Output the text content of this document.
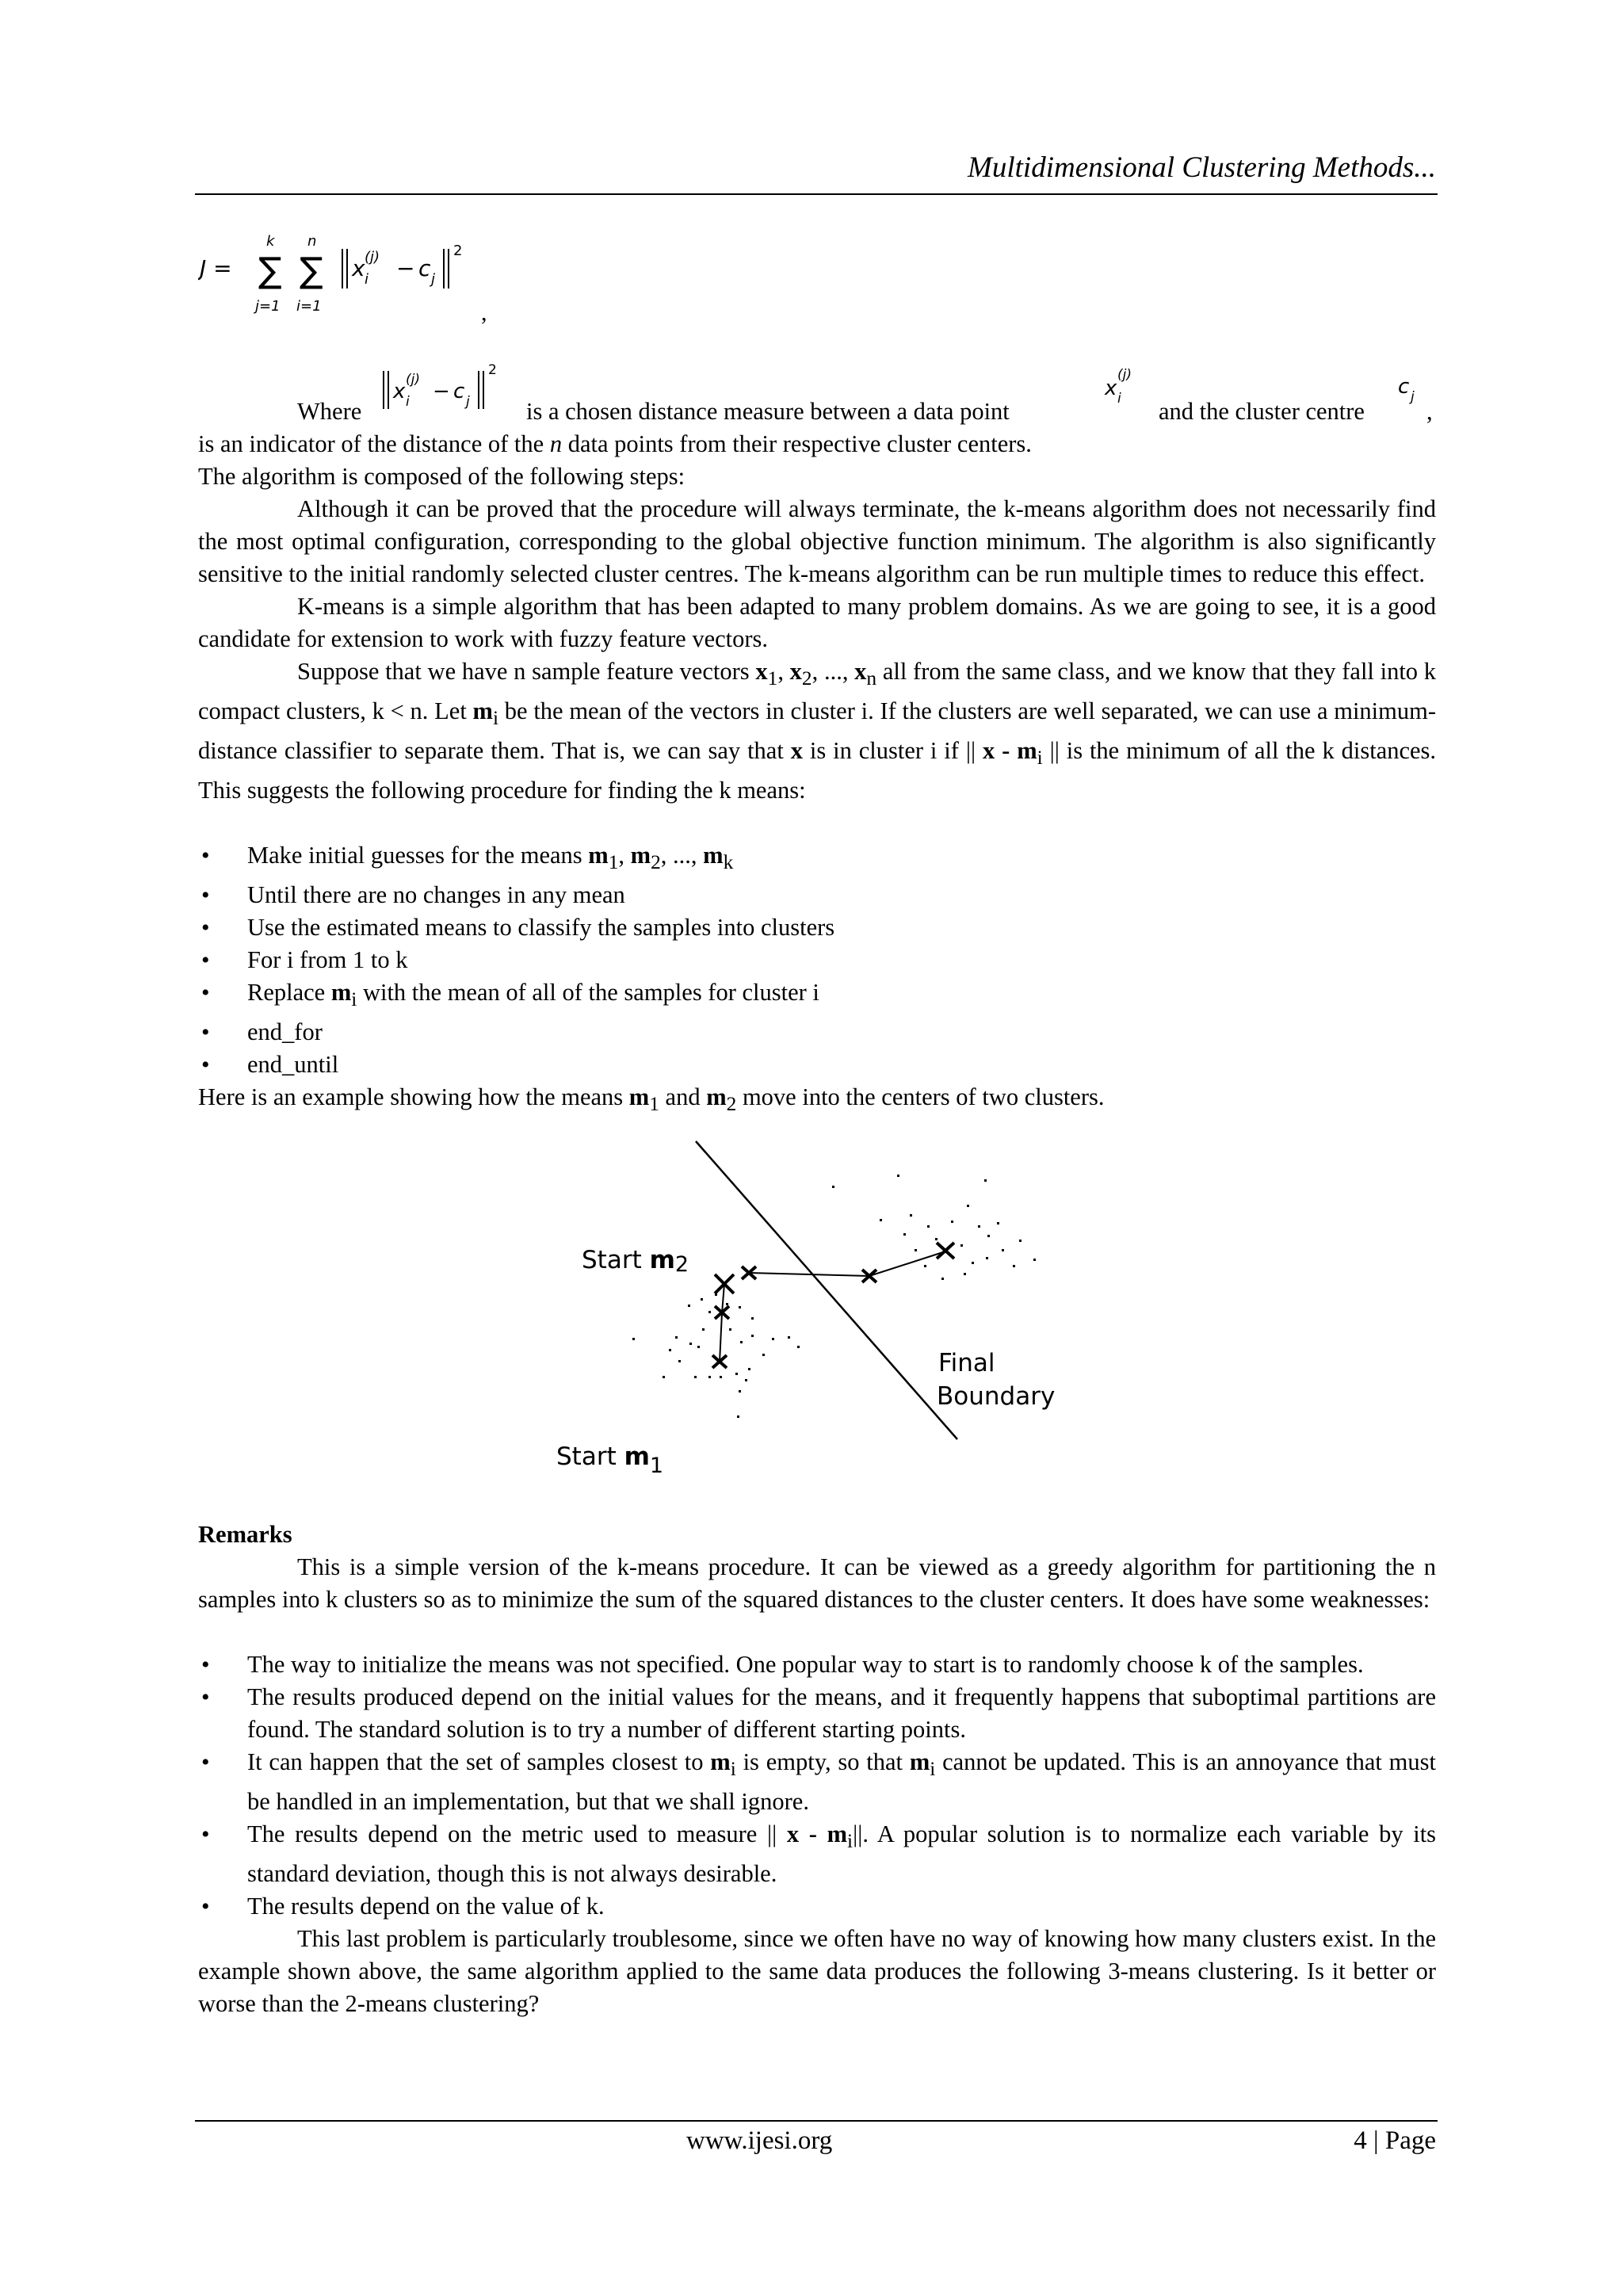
Multidimensional Clustering Methods...
J =
k
∑
j=1
n
∑
i=1
x (j)
i − c j
2
,
Where
x (j)
i − c j
2
is a chosen distance measure between a data point
x
(j)
i and the cluster centre
c j
,

is an indicator of the distance of the n data points from their respective cluster centers.

The algorithm is composed of the following steps:

Although it can be proved that the procedure will always terminate, the k-means algorithm does not necessarily find the most optimal configuration, corresponding to the global objective function minimum. The algorithm is also significantly sensitive to the initial randomly selected cluster centres. The k-means algorithm can be run multiple times to reduce this effect.

K-means is a simple algorithm that has been adapted to many problem domains. As we are going to see, it is a good candidate for extension to work with fuzzy feature vectors.

Suppose that we have n sample feature vectors $x_1$, $x_2$, ..., $x_n$ all from the same class, and we know that they fall into k compact clusters, k < n. Let $m_i$ be the mean of the vectors in cluster i. If the clusters are well separated, we can use a minimum-distance classifier to separate them. That is, we can say that x is in cluster i if || x - $m_i$ || is the minimum of all the k distances. This suggests the following procedure for finding the k means:

• Make initial guesses for the means $m_1$, $m_2$, ..., $m_k$
• Until there are no changes in any mean
• Use the estimated means to classify the samples into clusters
• For i from 1 to k
• Replace $m_i$ with the mean of all of the samples for cluster i
• end_for
• end_until

Here is an example showing how the means $m_1$ and $m_2$ move into the centers of two clusters.

Start m2
Start m1
Final
Boundary

Remarks

This is a simple version of the k-means procedure. It can be viewed as a greedy algorithm for partitioning the n samples into k clusters so as to minimize the sum of the squared distances to the cluster centers. It does have some weaknesses:

• The way to initialize the means was not specified. One popular way to start is to randomly choose k of the samples.
• The results produced depend on the initial values for the means, and it frequently happens that suboptimal partitions are found. The standard solution is to try a number of different starting points.
• It can happen that the set of samples closest to $m_i$ is empty, so that $m_i$ cannot be updated. This is an annoyance that must be handled in an implementation, but that we shall ignore.
• The results depend on the metric used to measure || x - $m_i||$. A popular solution is to normalize each variable by its standard deviation, though this is not always desirable.
• The results depend on the value of k.

This last problem is particularly troublesome, since we often have no way of knowing how many clusters exist. In the example shown above, the same algorithm applied to the same data produces the following 3-means clustering. Is it better or worse than the 2-means clustering?

www.ijesi.org	4 | Page
